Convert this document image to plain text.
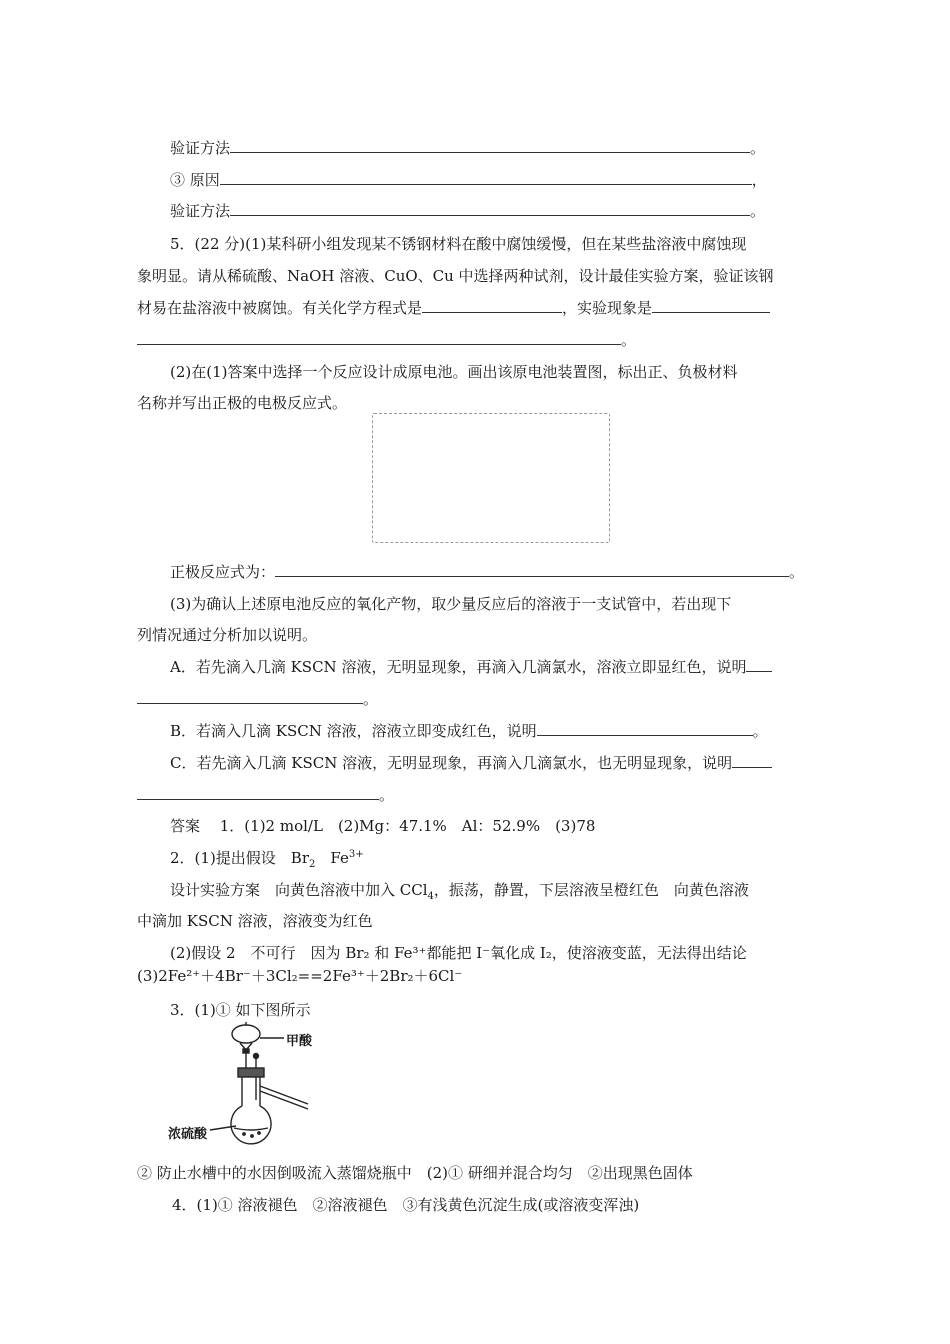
验证方法	。
③ 原因	，
验证方法	。
5．(22 分)(1)某科研小组发现某不锈钢材料在酸中腐蚀缓慢，但在某些盐溶液中腐蚀现
象明显。请从稀硫酸、NaOH 溶液、CuO、Cu 中选择两种试剂，设计最佳实验方案，验证该钢
材易在盐溶液中被腐蚀。有关化学方程式是	，实验现象是
。
(2)在(1)答案中选择一个反应设计成原电池。画出该原电池装置图，标出正、负极材料
名称并写出正极的电极反应式。
正极反应式为：	。
(3)为确认上述原电池反应的氧化产物，取少量反应后的溶液于一支试管中，若出现下
列情况通过分析加以说明。
A．若先滴入几滴 KSCN 溶液，无明显现象，再滴入几滴氯水，溶液立即显红色，说明
。
B．若滴入几滴 KSCN 溶液，溶液立即变成红色，说明	。
C．若先滴入几滴 KSCN 溶液，无明显现象，再滴入几滴氯水，也无明显现象，说明
。
答案　 1．(1)2 mol/L　(2)Mg：47.1%　Al：52.9%　(3)78
2．(1)提出假设　$Br_2$　$Fe^{3+}$
设计实验方案　向黄色溶液中加入 CCl$_4$，振荡，静置，下层溶液呈橙红色　向黄色溶液
中滴加 KSCN 溶液，溶液变为红色
(2)假设 2　不可行　因为 Br₂ 和 Fe³⁺都能把 I⁻氧化成 I₂，使溶液变蓝，无法得出结论
(3)2Fe²⁺＋4Br⁻＋3Cl₂==2Fe³⁺＋2Br₂＋6Cl⁻
3．(1)① 如下图所示
甲酸
浓硫酸
② 防止水槽中的水因倒吸流入蒸馏烧瓶中　(2)① 研细并混合均匀　②出现黑色固体
4．(1)① 溶液褪色　②溶液褪色　③有浅黄色沉淀生成(或溶液变浑浊)
